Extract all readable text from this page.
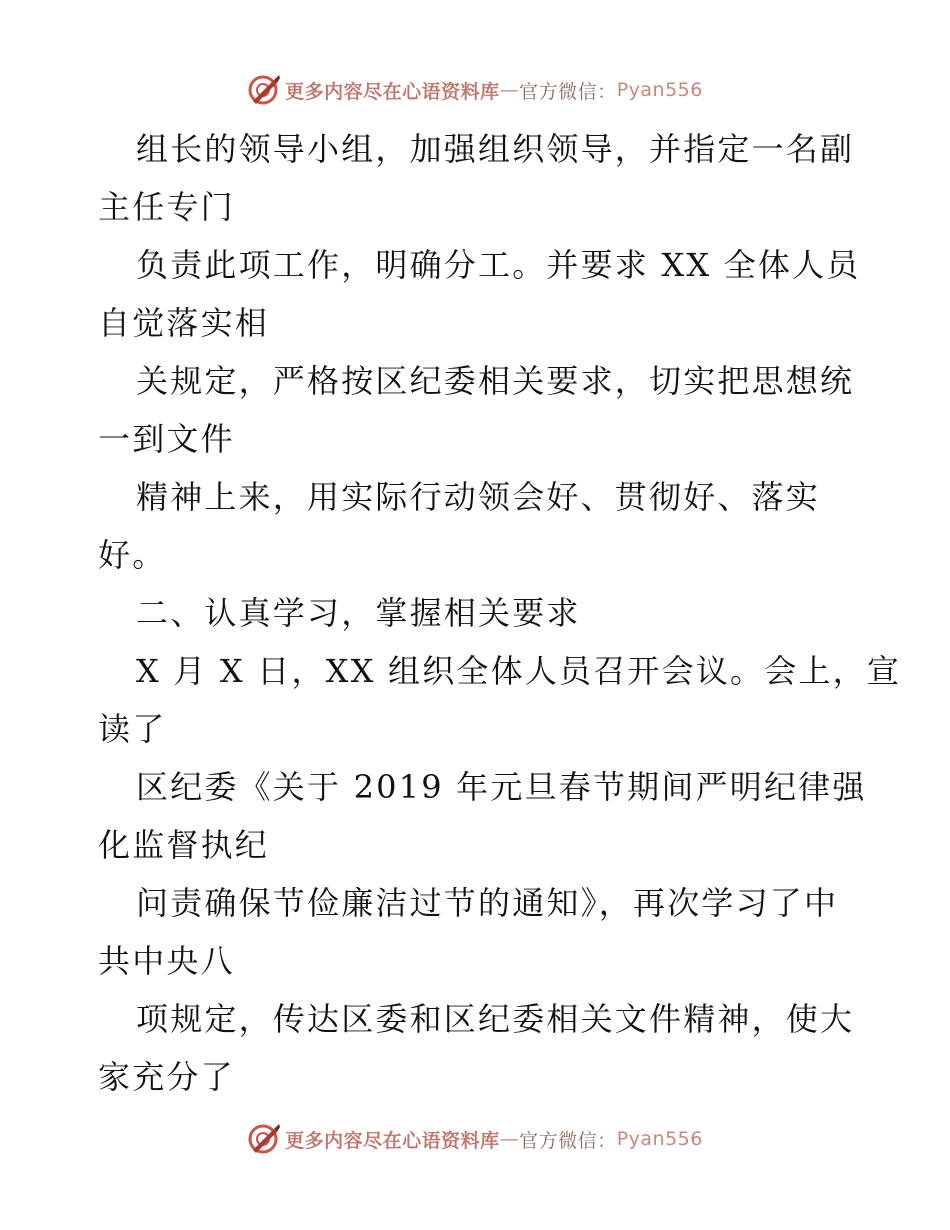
更多内容尽在心语资料库 — 官方微信： Pyan556
组长的领导小组，加强组织领导，并指定一名副
主任专门
负责此项工作，明确分工。并要求 XX 全体人员
自觉落实相
关规定，严格按区纪委相关要求，切实把思想统
一到文件
精神上来，用实际行动领会好、贯彻好、落实
好。
二、认真学习，掌握相关要求
X 月 X 日，XX 组织全体人员召开会议。会上，宣
读了
区纪委《关于 2019 年元旦春节期间严明纪律强
化监督执纪
问责确保节俭廉洁过节的通知》，再次学习了中
共中央八
项规定，传达区委和区纪委相关文件精神，使大
家充分了
更多内容尽在心语资料库 — 官方微信： Pyan556
